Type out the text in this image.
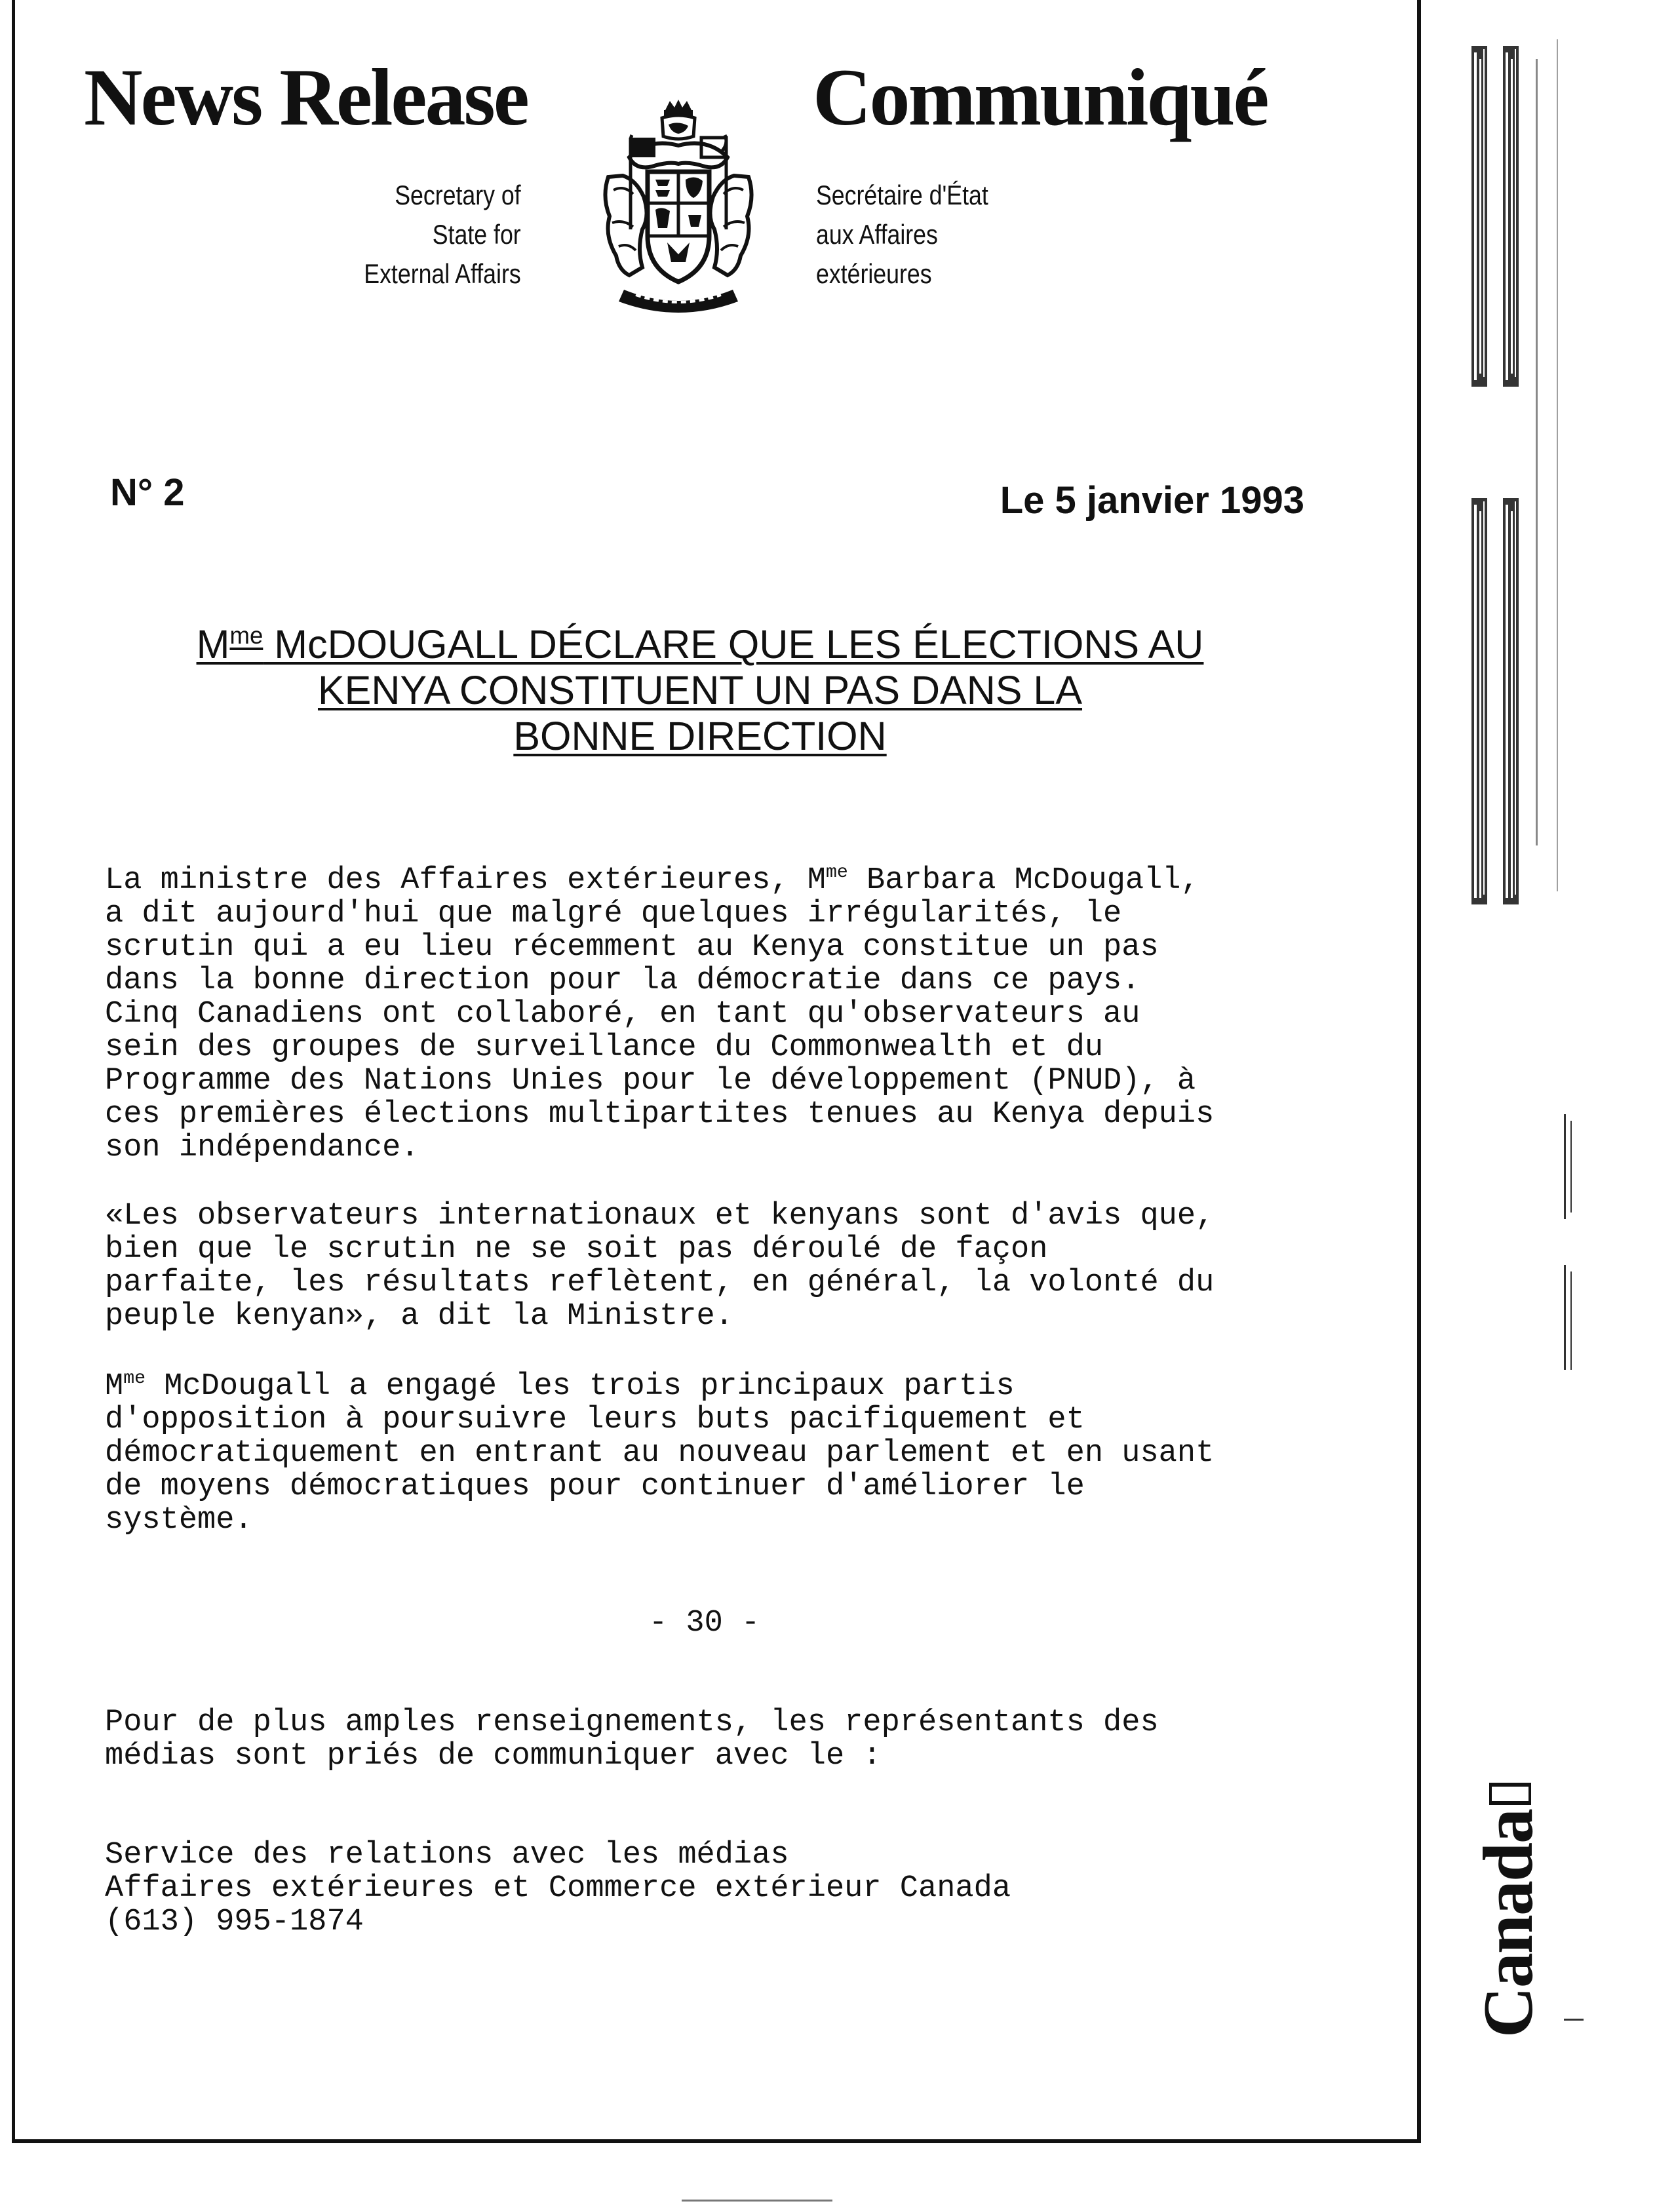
News Release	Communiqué
Secretary of
State for
External Affairs
Secrétaire d'État
aux Affaires
extérieures
N° 2	Le 5 janvier 1993
$M^{me}$ McDOUGALL DÉCLARE QUE LES ÉLECTIONS AU
KENYA CONSTITUENT UN PAS DANS LA
BONNE DIRECTION
La ministre des Affaires extérieures, $M^{me}$ Barbara McDougall,
a dit aujourd'hui que malgré quelques irrégularités, le
scrutin qui a eu lieu récemment au Kenya constitue un pas
dans la bonne direction pour la démocratie dans ce pays.
Cinq Canadiens ont collaboré, en tant qu'observateurs au
sein des groupes de surveillance du Commonwealth et du
Programme des Nations Unies pour le développement (PNUD), à
ces premières élections multipartites tenues au Kenya depuis
son indépendance.
«Les observateurs internationaux et kenyans sont d'avis que,
bien que le scrutin ne se soit pas déroulé de façon
parfaite, les résultats reflètent, en général, la volonté du
peuple kenyan», a dit la Ministre.
$M^{me}$ McDougall a engagé les trois principaux partis
d'opposition à poursuivre leurs buts pacifiquement et
démocratiquement en entrant au nouveau parlement et en usant
de moyens démocratiques pour continuer d'améliorer le
système.
- 30 -
Pour de plus amples renseignements, les représentants des
médias sont priés de communiquer avec le :
Service des relations avec les médias
Affaires extérieures et Commerce extérieur Canada
(613) 995-1874	Canada
